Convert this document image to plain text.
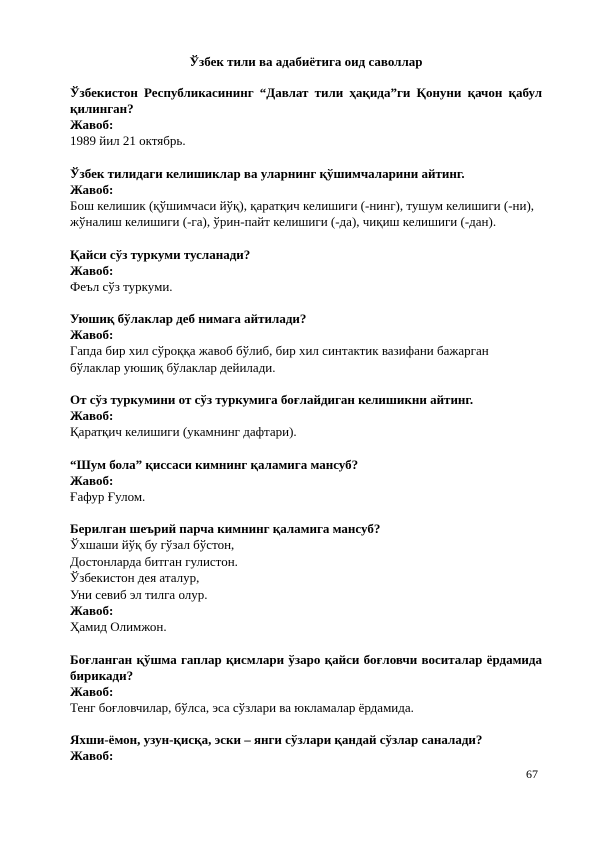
Ўзбек тили ва адабиётига оид саволлар
Ўзбекистон Республикасининг “Давлат тили ҳақида”ги Қонуни қачон қабул қилинган?
Жавоб:
1989 йил 21 октябрь.
Ўзбек тилидаги келишиклар ва уларнинг қўшимчаларини айтинг.
Жавоб:
Бош келишик (қўшимчаси йўқ), қаратқич келишиги (-нинг), тушум келишиги (-ни), жўналиш келишиги (-га), ўрин-пайт келишиги (-да), чиқиш келишиги (-дан).
Қайси сўз туркуми тусланади?
Жавоб:
Феъл сўз туркуми.
Уюшиқ бўлаклар деб нимага айтилади?
Жавоб:
Гапда бир хил сўроққа жавоб бўлиб, бир хил синтактик вазифани бажарган бўлаклар уюшиқ бўлаклар дейилади.
От сўз туркумини от сўз туркумига боғлайдиган келишикни айтинг.
Жавоб:
Қаратқич келишиги (укамнинг дафтари).
“Шум бола” қиссаси кимнинг қаламига мансуб?
Жавоб:
Ғафур Ғулом.
Берилган шеърий парча кимнинг қаламига мансуб?
Ўхшаши йўқ бу гўзал бўстон,
Достонларда битган гулистон.
Ўзбекистон дея аталур,
Уни севиб эл тилга олур.
Жавоб:
Ҳамид Олимжон.
Боғланган қўшма гаплар қисмлари ўзаро қайси боғловчи воситалар ёрдамида бирикади?
Жавоб:
Тенг боғловчилар, бўлса, эса сўзлари ва юкламалар ёрдамида.
Яхши-ёмон, узун-қисқа, эски – янги сўзлари қандай сўзлар саналади?
Жавоб:
67
